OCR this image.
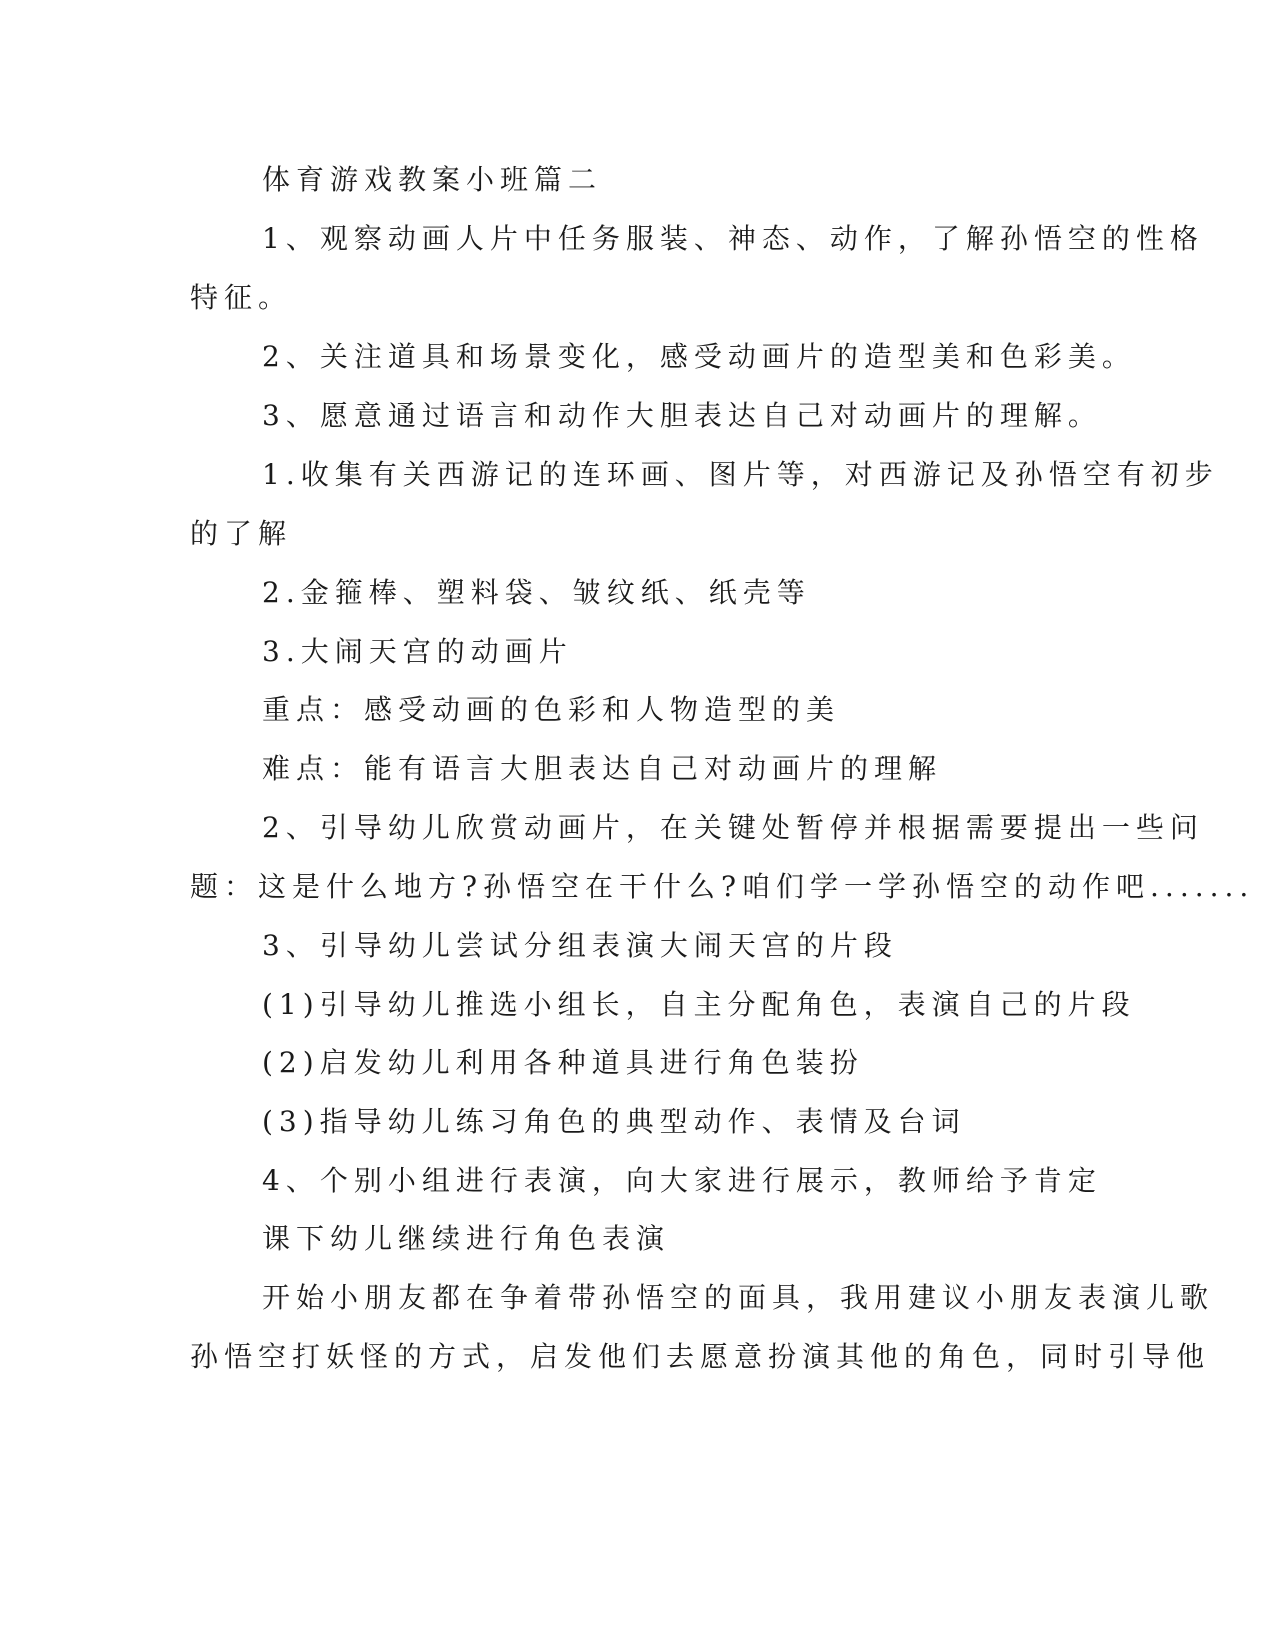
体育游戏教案小班篇二
1、观察动画人片中任务服装、神态、动作，了解孙悟空的性格
特征。
2、关注道具和场景变化，感受动画片的造型美和色彩美。
3、愿意通过语言和动作大胆表达自己对动画片的理解。
1.收集有关西游记的连环画、图片等，对西游记及孙悟空有初步
的了解
2.金箍棒、塑料袋、皱纹纸、纸壳等
3.大闹天宫的动画片
重点：感受动画的色彩和人物造型的美
难点：能有语言大胆表达自己对动画片的理解
2、引导幼儿欣赏动画片，在关键处暂停并根据需要提出一些问
题：这是什么地方?孙悟空在干什么?咱们学一学孙悟空的动作吧.......
3、引导幼儿尝试分组表演大闹天宫的片段
(1)引导幼儿推选小组长，自主分配角色，表演自己的片段
(2)启发幼儿利用各种道具进行角色装扮
(3)指导幼儿练习角色的典型动作、表情及台词
4、个别小组进行表演，向大家进行展示，教师给予肯定
课下幼儿继续进行角色表演
开始小朋友都在争着带孙悟空的面具，我用建议小朋友表演儿歌
孙悟空打妖怪的方式，启发他们去愿意扮演其他的角色，同时引导他
